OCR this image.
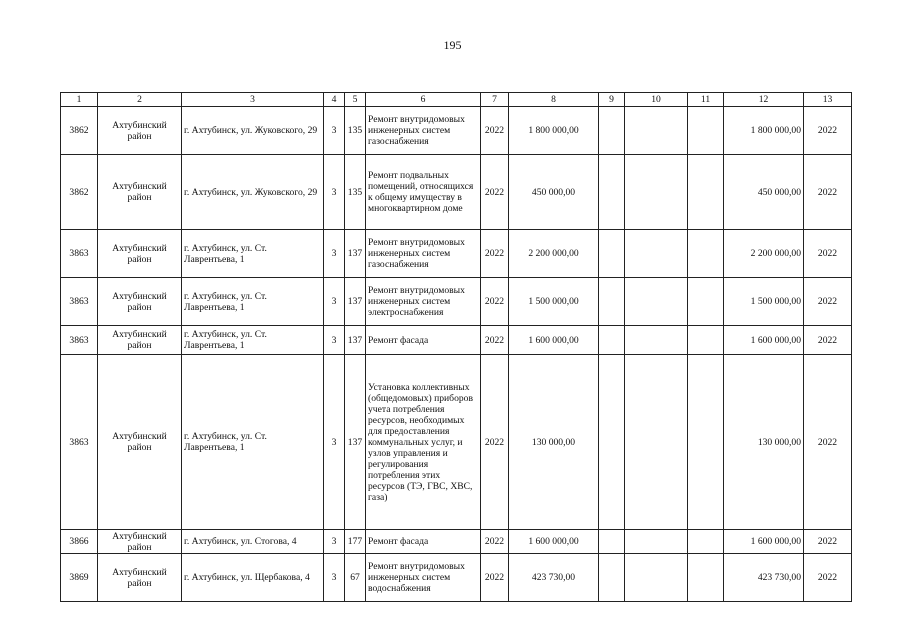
195
1	2	3	4	5	6	7	8	9	10	11	12	13
3862	Ахтубинский район	г. Ахтубинск, ул. Жуковского, 29	3	135	Ремонт внутридомовых инженерных систем газоснабжения	2022	1 800 000,00				1 800 000,00	2022
3862	Ахтубинский район	г. Ахтубинск, ул. Жуковского, 29	3	135	Ремонт подвальных помещений, относящихся к общему имуществу в многоквартирном доме	2022	450 000,00				450 000,00	2022
3863	Ахтубинский район	г. Ахтубинск, ул. Ст. Лаврентьева, 1	3	137	Ремонт внутридомовых инженерных систем газоснабжения	2022	2 200 000,00				2 200 000,00	2022
3863	Ахтубинский район	г. Ахтубинск, ул. Ст. Лаврентьева, 1	3	137	Ремонт внутридомовых инженерных систем электроснабжения	2022	1 500 000,00				1 500 000,00	2022
3863	Ахтубинский район	г. Ахтубинск, ул. Ст. Лаврентьева, 1	3	137	Ремонт фасада	2022	1 600 000,00				1 600 000,00	2022
3863	Ахтубинский район	г. Ахтубинск, ул. Ст. Лаврентьева, 1	3	137	Установка коллективных (общедомовых) приборов учета потребления ресурсов, необходимых для предоставления коммунальных услуг, и узлов управления и регулирования потребления этих ресурсов (ТЭ, ГВС, ХВС, газа)	2022	130 000,00				130 000,00	2022
3866	Ахтубинский район	г. Ахтубинск, ул. Стогова, 4	3	177	Ремонт фасада	2022	1 600 000,00				1 600 000,00	2022
3869	Ахтубинский район	г. Ахтубинск, ул. Щербакова, 4	3	67	Ремонт внутридомовых инженерных систем водоснабжения	2022	423 730,00				423 730,00	2022
